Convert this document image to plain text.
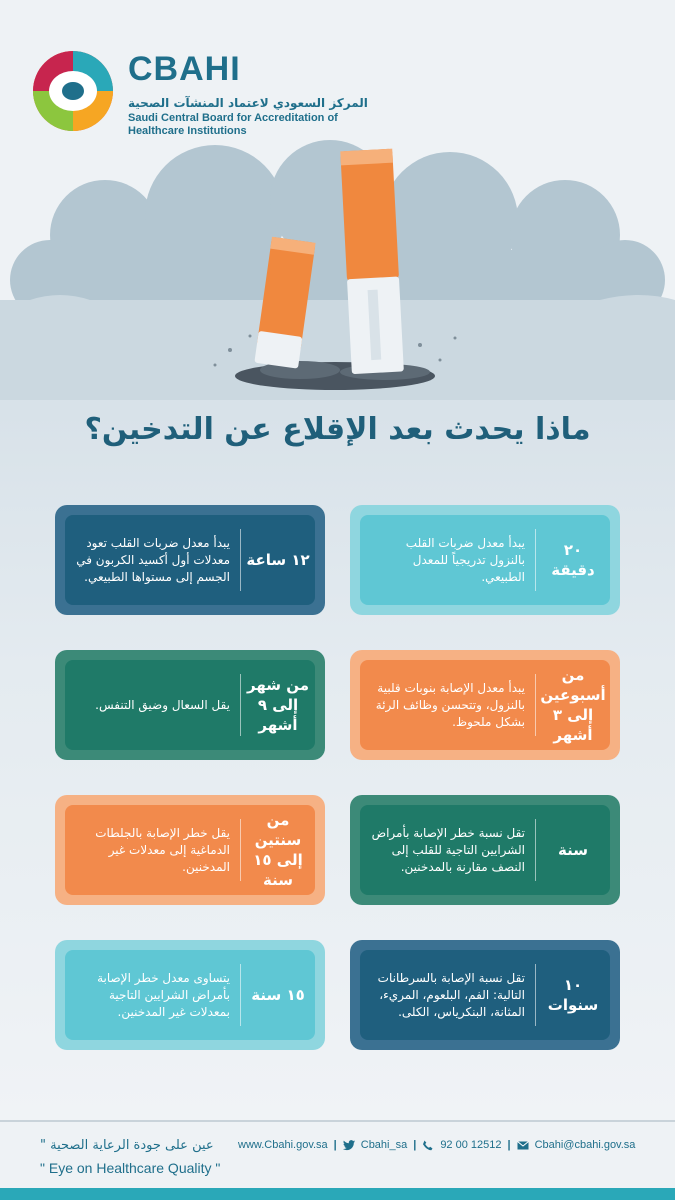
CBAHI
المركز السعودي لاعتماد المنشآت الصحية
Saudi Central Board for Accreditation of Healthcare Institutions
ماذا يحدث بعد الإقلاع عن التدخين؟
٢٠ دقيقة
يبدأ معدل ضربات القلب بالنزول تدريجياً للمعدل الطبيعي.
١٢ ساعة
يبدأ معدل ضربات القلب تعود معدلات أول أكسيد الكربون في الجسم إلى مستواها الطبيعي.
من أسبوعين إلى ٣ أشهر
يبدأ معدل الإصابة بنوبات قلبية بالنزول، وتتحسن وظائف الرئة بشكل ملحوظ.
من شهر إلى ٩ أشهر
يقل السعال وضيق التنفس.
سنة
تقل نسبة خطر الإصابة بأمراض الشرايين التاجية للقلب إلى النصف مقارنة بالمدخنين.
من سنتين إلى ١٥ سنة
يقل خطر الإصابة بالجلطات الدماغية إلى معدلات غير المدخنين.
١٠ سنوات
تقل نسبة الإصابة بالسرطانات التالية: الفم، البلعوم، المريء، المثانة، البنكرياس، الكلى.
١٥ سنة
يتساوى معدل خطر الإصابة بأمراض الشرايين التاجية بمعدلات غير المدخنين.
عين على جودة الرعاية الصحية "
" Eye on Healthcare Quality "
www.Cbahi.gov.sa | Cbahi_sa | 92 00 12512 | Cbahi@cbahi.gov.sa
